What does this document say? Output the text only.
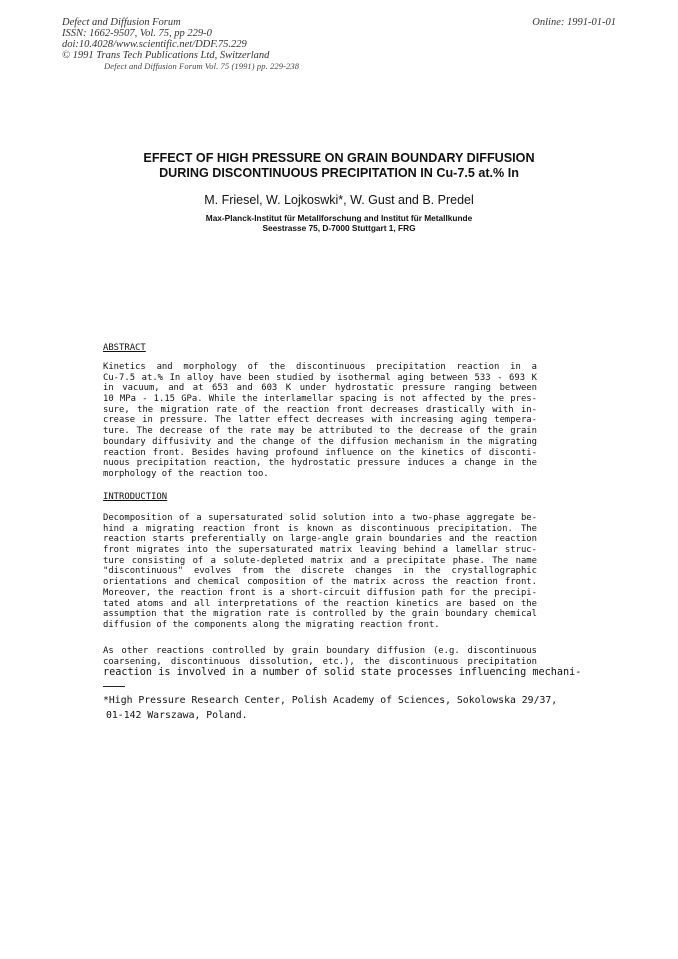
Defect and Diffusion Forum
ISSN: 1662-9507, Vol. 75, pp 229-0
doi:10.4028/www.scientific.net/DDF.75.229
© 1991 Trans Tech Publications Ltd, Switzerland
Online: 1991-01-01
Defect and Diffusion Forum Vol. 75 (1991) pp. 229-238
EFFECT OF HIGH PRESSURE ON GRAIN BOUNDARY DIFFUSION
DURING DISCONTINUOUS PRECIPITATION IN Cu-7.5 at.% In
M. Friesel, W. Lojkoswki*, W. Gust and B. Predel
Max-Planck-Institut für Metallforschung and Institut für Metallkunde
Seestrasse 75, D-7000 Stuttgart 1, FRG
ABSTRACT
Kinetics and morphology of the discontinuous precipitation reaction in a
Cu-7.5 at.% In alloy have been studied by isothermal aging between 533 - 693 K
in vacuum, and at 653 and 603 K under hydrostatic pressure ranging between
10 MPa - 1.15 GPa. While the interlamellar spacing is not affected by the pres-
sure, the migration rate of the reaction front decreases drastically with in-
crease in pressure. The latter effect decreases with increasing aging tempera-
ture. The decrease of the rate may be attributed to the decrease of the grain
boundary diffusivity and the change of the diffusion mechanism in the migrating
reaction front. Besides having profound influence on the kinetics of disconti-
nuous precipitation reaction, the hydrostatic pressure induces a change in the
morphology of the reaction too.
INTRODUCTION
Decomposition of a supersaturated solid solution into a two-phase aggregate be-
hind a migrating reaction front is known as discontinuous precipitation. The
reaction starts preferentially on large-angle grain boundaries and the reaction
front migrates into the supersaturated matrix leaving behind a lamellar struc-
ture consisting of a solute-depleted matrix and a precipitate phase. The name
"discontinuous" evolves from the discrete changes in the crystallographic
orientations and chemical composition of the matrix across the reaction front.
Moreover, the reaction front is a short-circuit diffusion path for the precipi-
tated atoms and all interpretations of the reaction kinetics are based on the
assumption that the migration rate is controlled by the grain boundary chemical
diffusion of the components along the migrating reaction front.
As other reactions controlled by grain boundary diffusion (e.g. discontinuous
coarsening, discontinuous dissolution, etc.), the discontinuous precipitation
reaction is involved in a number of solid state processes influencing mechani-
*High Pressure Research Center, Polish Academy of Sciences, Sokolowska 29/37,
01-142 Warszawa, Poland.
